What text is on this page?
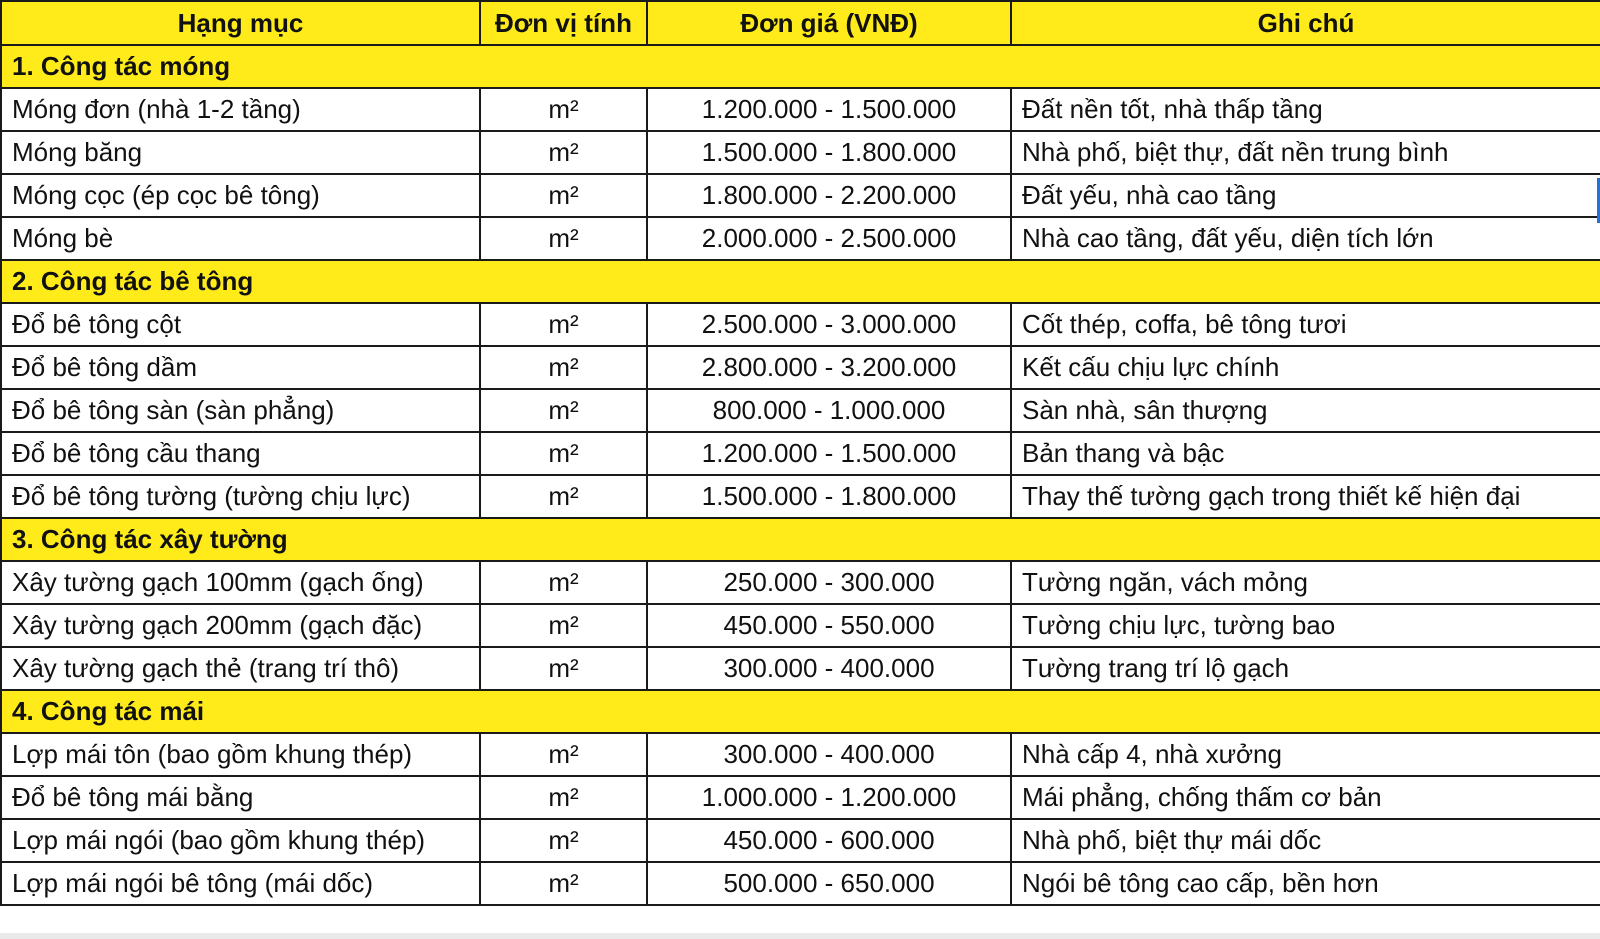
Hạng mục	Đơn vị tính	Đơn giá (VNĐ)	Ghi chú
1. Công tác móng			
Móng đơn (nhà 1-2 tầng)	m²	1.200.000 - 1.500.000	Đất nền tốt, nhà thấp tầng
Móng băng	m²	1.500.000 - 1.800.000	Nhà phố, biệt thự, đất nền trung bình
Móng cọc (ép cọc bê tông)	m²	1.800.000 - 2.200.000	Đất yếu, nhà cao tầng
Móng bè	m²	2.000.000 - 2.500.000	Nhà cao tầng, đất yếu, diện tích lớn
2. Công tác bê tông			
Đổ bê tông cột	m²	2.500.000 - 3.000.000	Cốt thép, coffa, bê tông tươi
Đổ bê tông dầm	m²	2.800.000 - 3.200.000	Kết cấu chịu lực chính
Đổ bê tông sàn (sàn phẳng)	m²	800.000 - 1.000.000	Sàn nhà, sân thượng
Đổ bê tông cầu thang	m²	1.200.000 - 1.500.000	Bản thang và bậc
Đổ bê tông tường (tường chịu lực)	m²	1.500.000 - 1.800.000	Thay thế tường gạch trong thiết kế hiện đại
3. Công tác xây tường			
Xây tường gạch 100mm (gạch ống)	m²	250.000 - 300.000	Tường ngăn, vách mỏng
Xây tường gạch 200mm (gạch đặc)	m²	450.000 - 550.000	Tường chịu lực, tường bao
Xây tường gạch thẻ (trang trí thô)	m²	300.000 - 400.000	Tường trang trí lộ gạch
4. Công tác mái			
Lợp mái tôn (bao gồm khung thép)	m²	300.000 - 400.000	Nhà cấp 4, nhà xưởng
Đổ bê tông mái bằng	m²	1.000.000 - 1.200.000	Mái phẳng, chống thấm cơ bản
Lợp mái ngói (bao gồm khung thép)	m²	450.000 - 600.000	Nhà phố, biệt thự mái dốc
Lợp mái ngói bê tông (mái dốc)	m²	500.000 - 650.000	Ngói bê tông cao cấp, bền hơn
